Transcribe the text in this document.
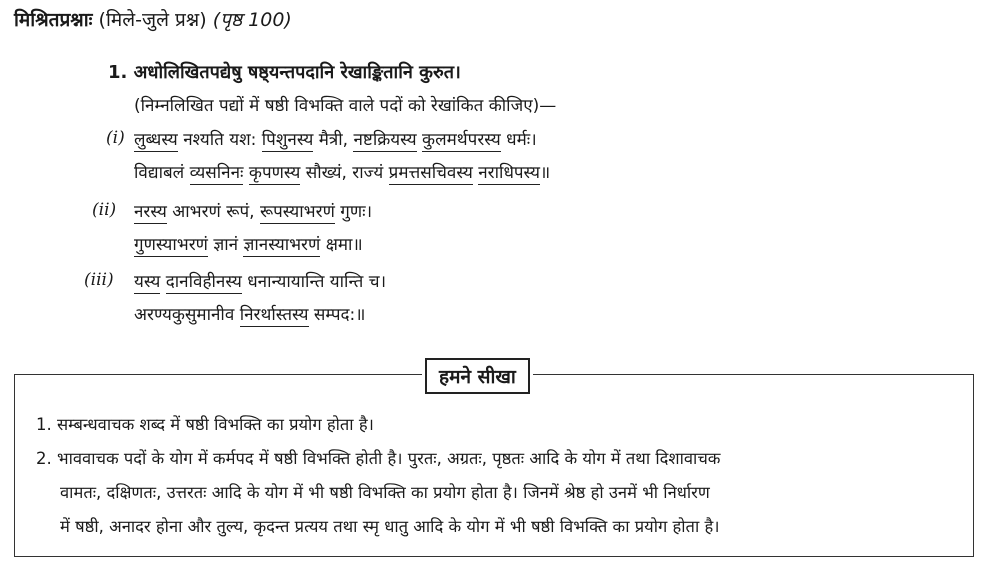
मिश्रितप्रश्नाः (मिले-जुले प्रश्न) (पृष्ठ 100)
1. अधोलिखितपद्येषु षष्ठ्यन्तपदानि रेखाङ्कितानि कुरुत।
(निम्नलिखित पद्यों में षष्ठी विभक्ति वाले पदों को रेखांकित कीजिए)—
(i) लुब्धस्य नश्यति यश: पिशुनस्य मैत्री, नष्टक्रियस्य कुलमर्थपरस्य धर्मः।
विद्याबलं व्यसनिनः कृपणस्य सौख्यं, राज्यं प्रमत्तसचिवस्य नराधिपस्य॥
(ii) नरस्य आभरणं रूपं, रूपस्याभरणं गुणः।
गुणस्याभरणं ज्ञानं ज्ञानस्याभरणं क्षमा॥
(iii) यस्य दानविहीनस्य धनान्यायान्ति यान्ति च।
अरण्यकुसुमानीव निरर्थास्तस्य सम्पद:॥
हमने सीखा
1. सम्बन्धवाचक शब्द में षष्ठी विभक्ति का प्रयोग होता है।
2. भाववाचक पदों के योग में कर्मपद में षष्ठी विभक्ति होती है। पुरतः, अग्रतः, पृष्ठतः आदि के योग में तथा दिशावाचक
वामतः, दक्षिणतः, उत्तरतः आदि के योग में भी षष्ठी विभक्ति का प्रयोग होता है। जिनमें श्रेष्ठ हो उनमें भी निर्धारण
में षष्ठी, अनादर होना और तुल्य, कृदन्त प्रत्यय तथा स्मृ धातु आदि के योग में भी षष्ठी विभक्ति का प्रयोग होता है।
